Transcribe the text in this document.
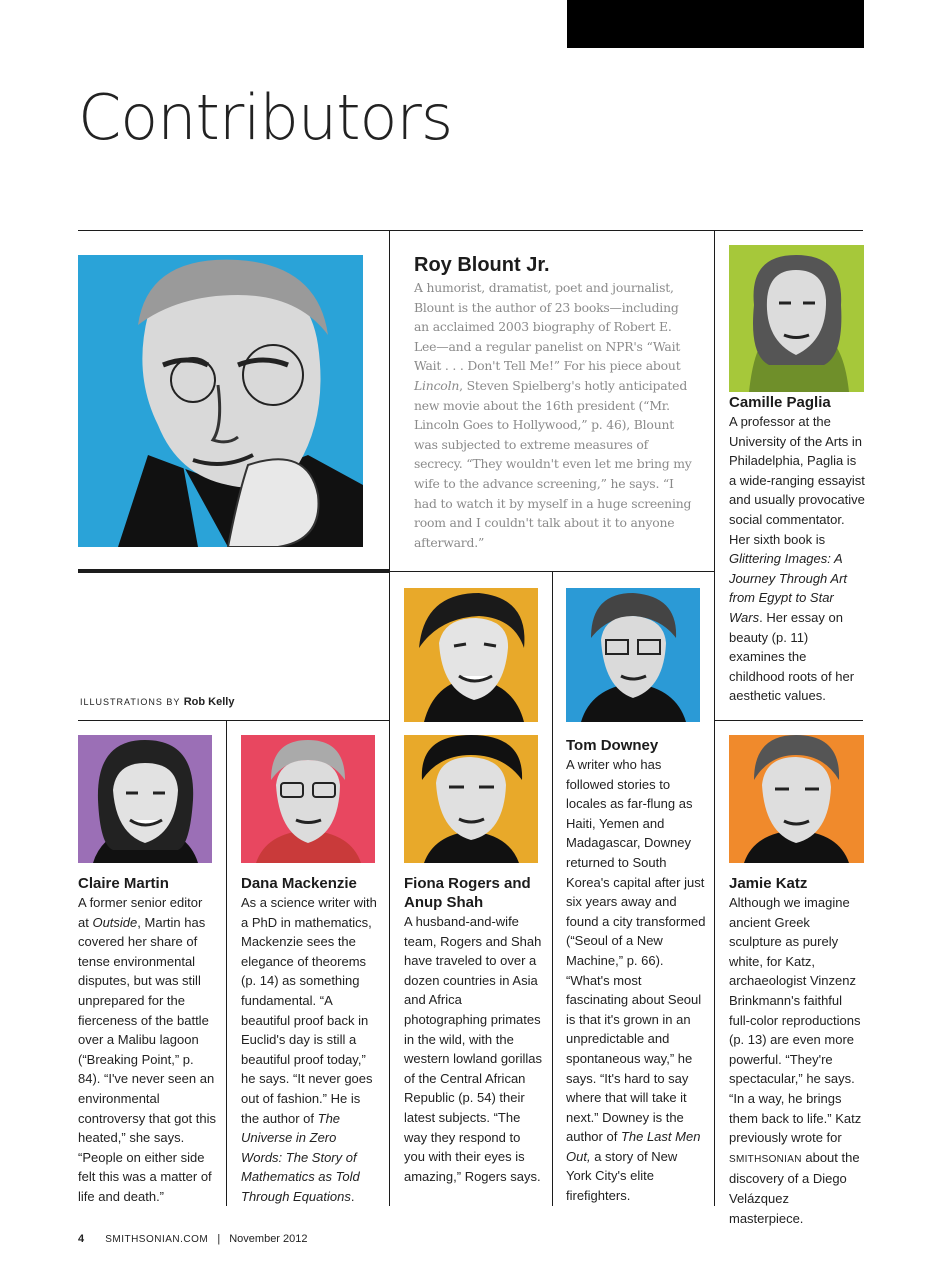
Contributors

Roy Blount Jr.

A humorist, dramatist, poet and journalist, Blount is the author of 23 books—including an acclaimed 2003 biography of Robert E. Lee—and a regular panelist on NPR's “Wait Wait . . . Don't Tell Me!” For his piece about Lincoln, Steven Spielberg's hotly anticipated new movie about the 16th president (“Mr. Lincoln Goes to Hollywood,” p. 46), Blount was subjected to extreme measures of secrecy. “They wouldn't even let me bring my wife to the advance screening,” he says. “I had to watch it by myself in a huge screening room and I couldn't talk about it to anyone afterward.”

Camille Paglia

A professor at the University of the Arts in Philadelphia, Paglia is a wide-ranging essayist and usually provocative social commentator. Her sixth book is Glittering Images: A Journey Through Art from Egypt to Star Wars. Her essay on beauty (p. 11) examines the childhood roots of her aesthetic values.

ILLUSTRATIONS BY Rob Kelly

Tom Downey

A writer who has followed stories to locales as far-flung as Haiti, Yemen and Madagascar, Downey returned to South Korea's capital after just six years away and found a city transformed (“Seoul of a New Machine,” p. 66). “What's most fascinating about Seoul is that it's grown in an unpredictable and spontaneous way,” he says. “It's hard to say where that will take it next.” Downey is the author of The Last Men Out, a story of New York City's elite firefighters.

Claire Martin

A former senior editor at Outside, Martin has covered her share of tense environmental disputes, but was still unprepared for the fierceness of the battle over a Malibu lagoon (“Breaking Point,” p. 84). “I've never seen an environmental controversy that got this heated,” she says. “People on either side felt this was a matter of life and death.”

Dana Mackenzie

As a science writer with a PhD in mathematics, Mackenzie sees the elegance of theorems (p. 14) as something fundamental. “A beautiful proof back in Euclid's day is still a beautiful proof today,” he says. “It never goes out of fashion.” He is the author of The Universe in Zero Words: The Story of Mathematics as Told Through Equations.

Fiona Rogers and Anup Shah

A husband-and-wife team, Rogers and Shah have traveled to over a dozen countries in Asia and Africa photographing primates in the wild, with the western lowland gorillas of the Central African Republic (p. 54) their latest subjects. “The way they respond to you with their eyes is amazing,” Rogers says.

Jamie Katz

Although we imagine ancient Greek sculpture as purely white, for Katz, archaeologist Vinzenz Brinkmann's faithful full-color reproductions (p. 13) are even more powerful. “They're spectacular,” he says. “In a way, he brings them back to life.” Katz previously wrote for SMITHSONIAN about the discovery of a Diego Velázquez masterpiece.

4 SMITHSONIAN.COM | November 2012
